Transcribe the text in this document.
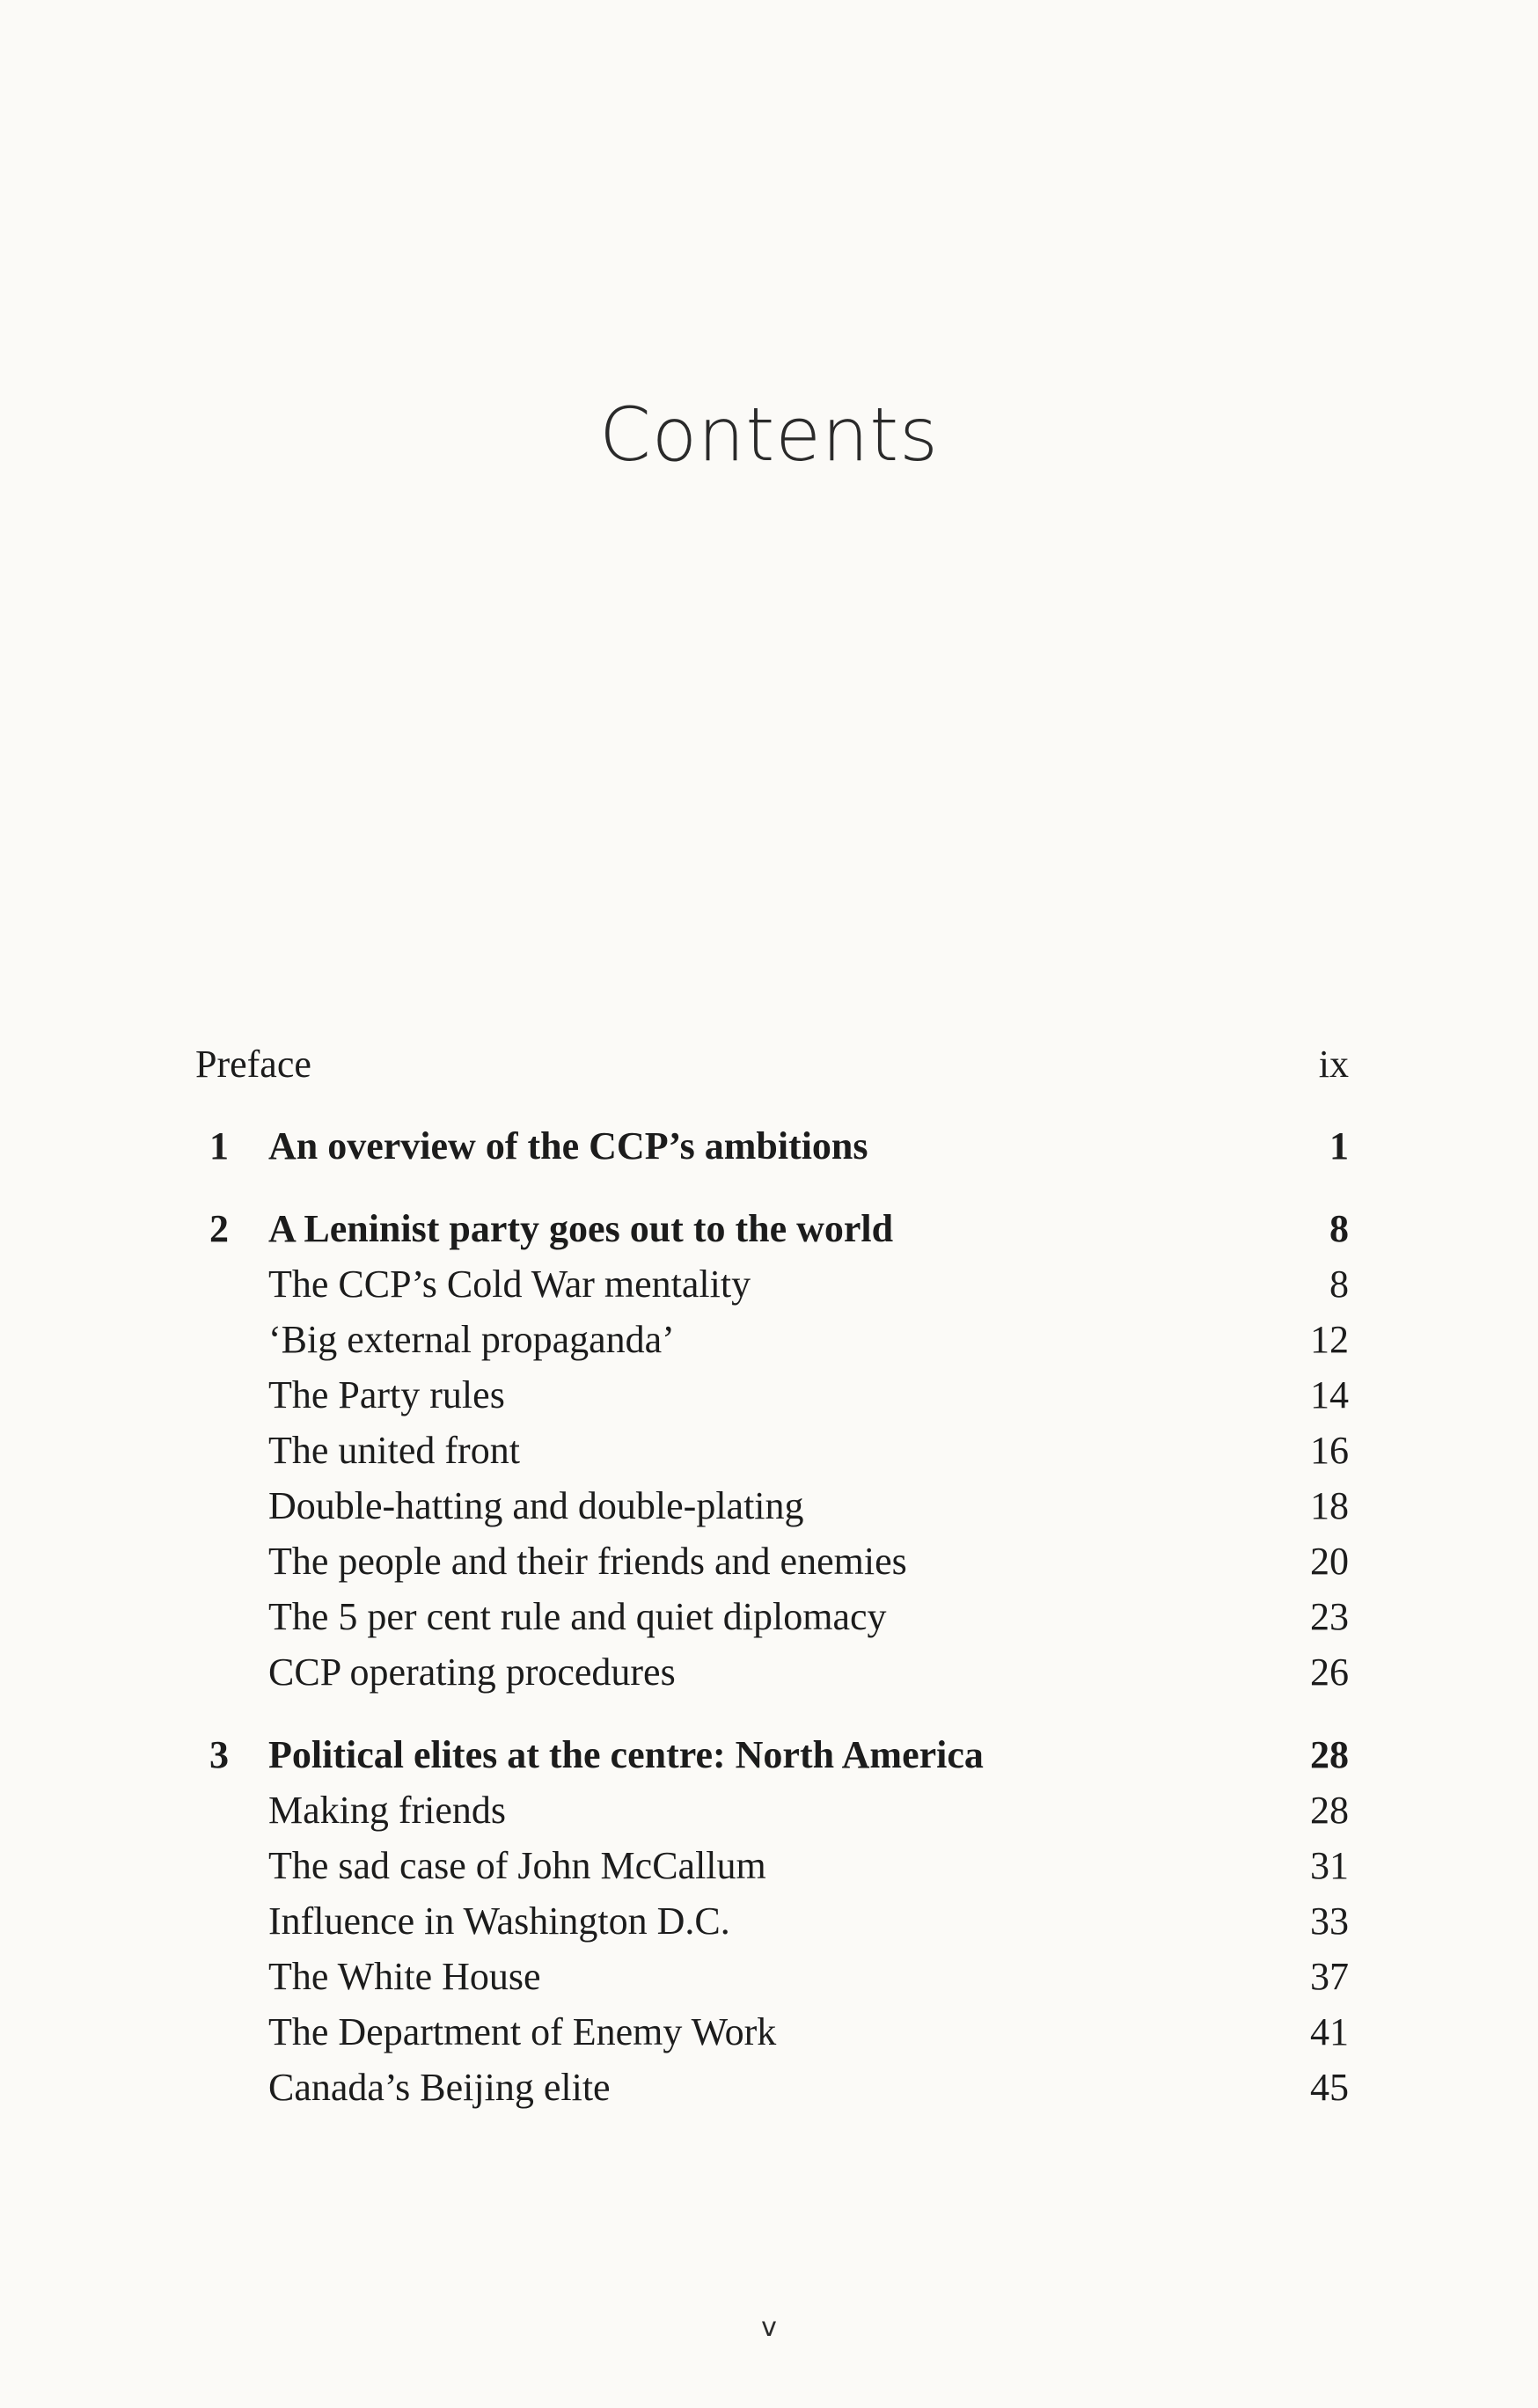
Contents
Preface	ix
1 An overview of the CCP’s ambitions	1
2 A Leninist party goes out to the world	8
The CCP’s Cold War mentality	8
‘Big external propaganda’	12
The Party rules	14
The united front	16
Double-hatting and double-plating	18
The people and their friends and enemies	20
The 5 per cent rule and quiet diplomacy	23
CCP operating procedures	26
3 Political elites at the centre: North America	28
Making friends	28
The sad case of John McCallum	31
Influence in Washington D.C.	33
The White House	37
The Department of Enemy Work	41
Canada’s Beijing elite	45
v
